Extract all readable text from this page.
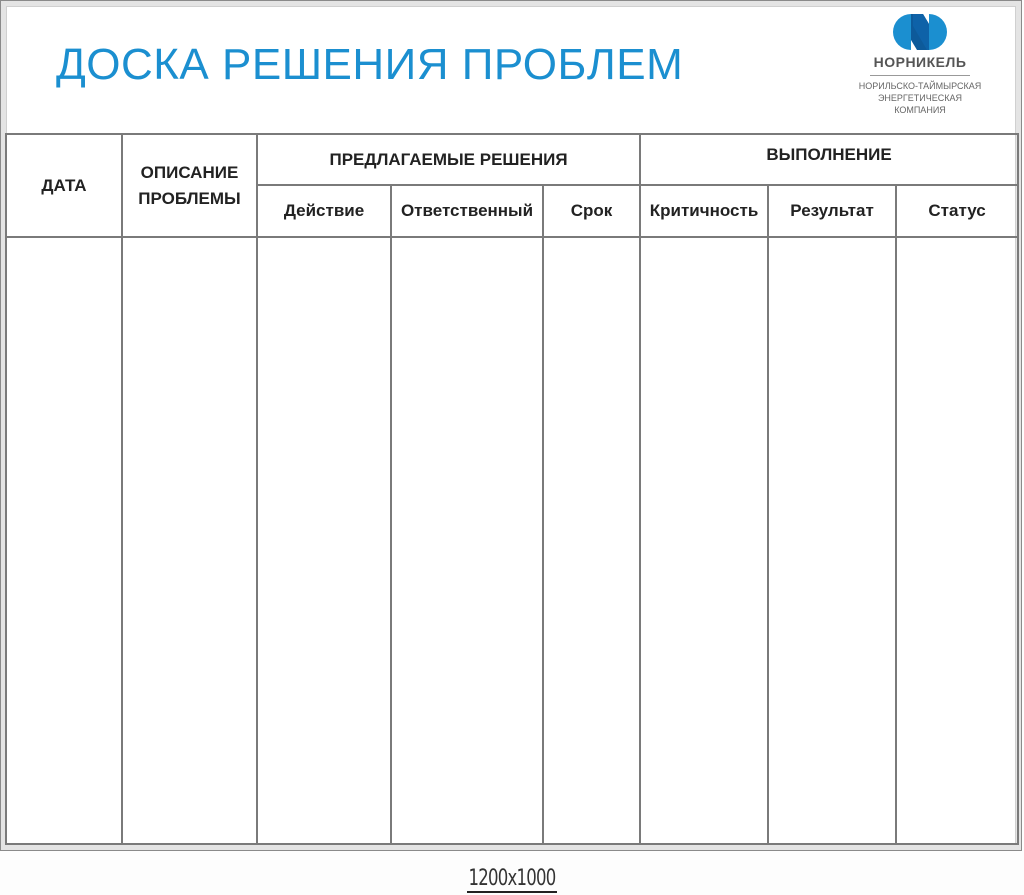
ДОСКА РЕШЕНИЯ ПРОБЛЕМ	НОРНИКЕЛЬ
НОРИЛЬСКО-ТАЙМЫРСКАЯ
ЭНЕРГЕТИЧЕСКАЯ
КОМПАНИЯ
ДАТА	ОПИСАНИЕ
ПРОБЛЕМЫ	ПРЕДЛАГАЕМЫЕ РЕШЕНИЯ			ВЫПОЛНЕНИЕ		
		Действие	Ответственный	Срок	Критичность	Результат	Статус

1200x1000
